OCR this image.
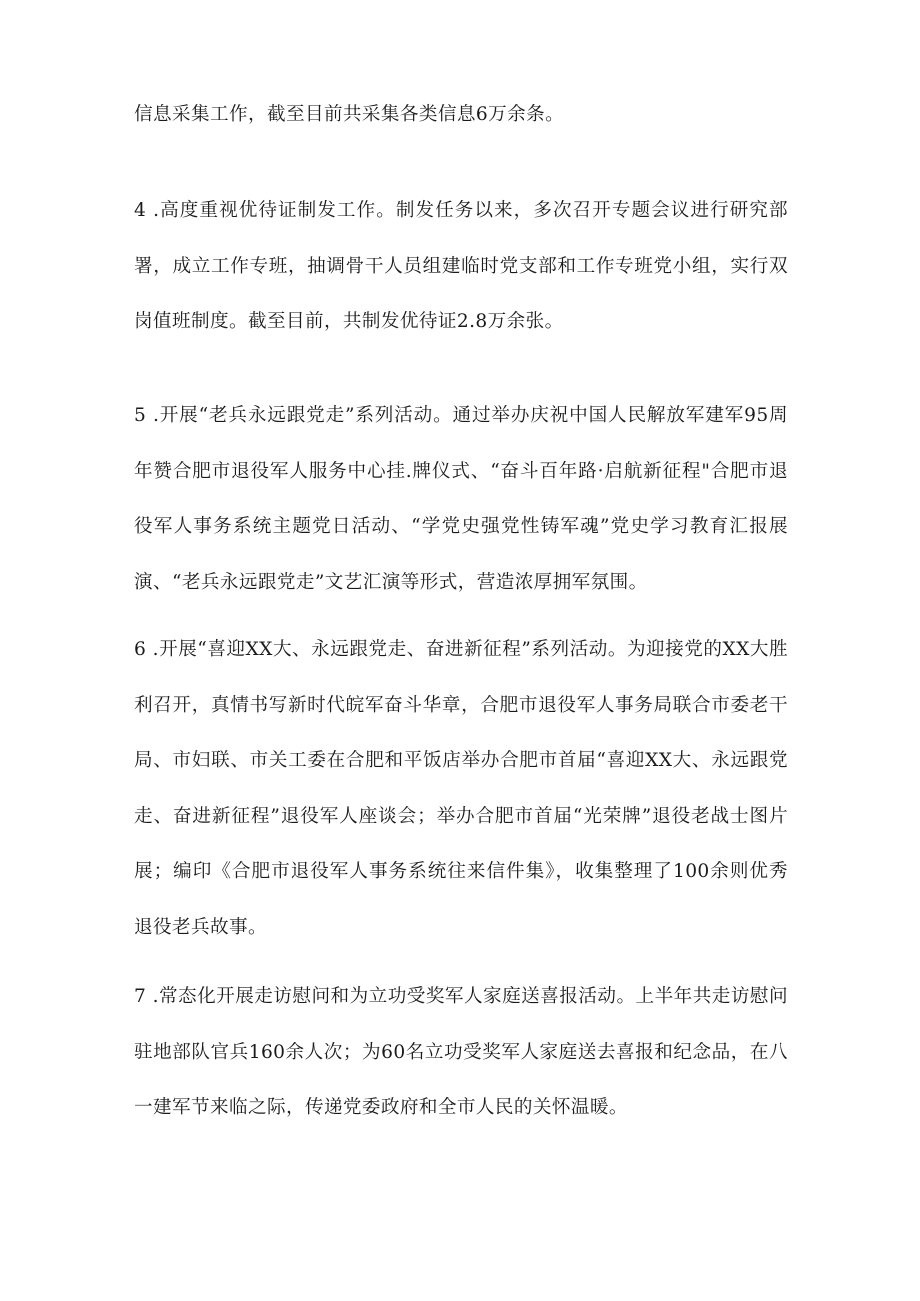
信息采集工作，截至目前共采集各类信息6万余条。

4 .高度重视优待证制发工作。制发任务以来，多次召开专题会议进行研究部署，成立工作专班，抽调骨干人员组建临时党支部和工作专班党小组，实行双岗值班制度。截至目前，共制发优待证2.8万余张。

5 .开展“老兵永远跟党走”系列活动。通过举办庆祝中国人民解放军建军95周年赞合肥市退役军人服务中心挂.牌仪式、“奋斗百年路·启航新征程"合肥市退役军人事务系统主题党日活动、“学党史强党性铸军魂”党史学习教育汇报展演、“老兵永远跟党走”文艺汇演等形式，营造浓厚拥军氛围。

6 .开展“喜迎XX大、永远跟党走、奋进新征程”系列活动。为迎接党的XX大胜利召开，真情书写新时代皖军奋斗华章，合肥市退役军人事务局联合市委老干局、市妇联、市关工委在合肥和平饭店举办合肥市首届“喜迎XX大、永远跟党走、奋进新征程”退役军人座谈会；举办合肥市首届“光荣牌”退役老战士图片展；编印《合肥市退役军人事务系统往来信件集》，收集整理了100余则优秀退役老兵故事。

7 .常态化开展走访慰问和为立功受奖军人家庭送喜报活动。上半年共走访慰问驻地部队官兵160余人次；为60名立功受奖军人家庭送去喜报和纪念品，在八一建军节来临之际，传递党委政府和全市人民的关怀温暖。
